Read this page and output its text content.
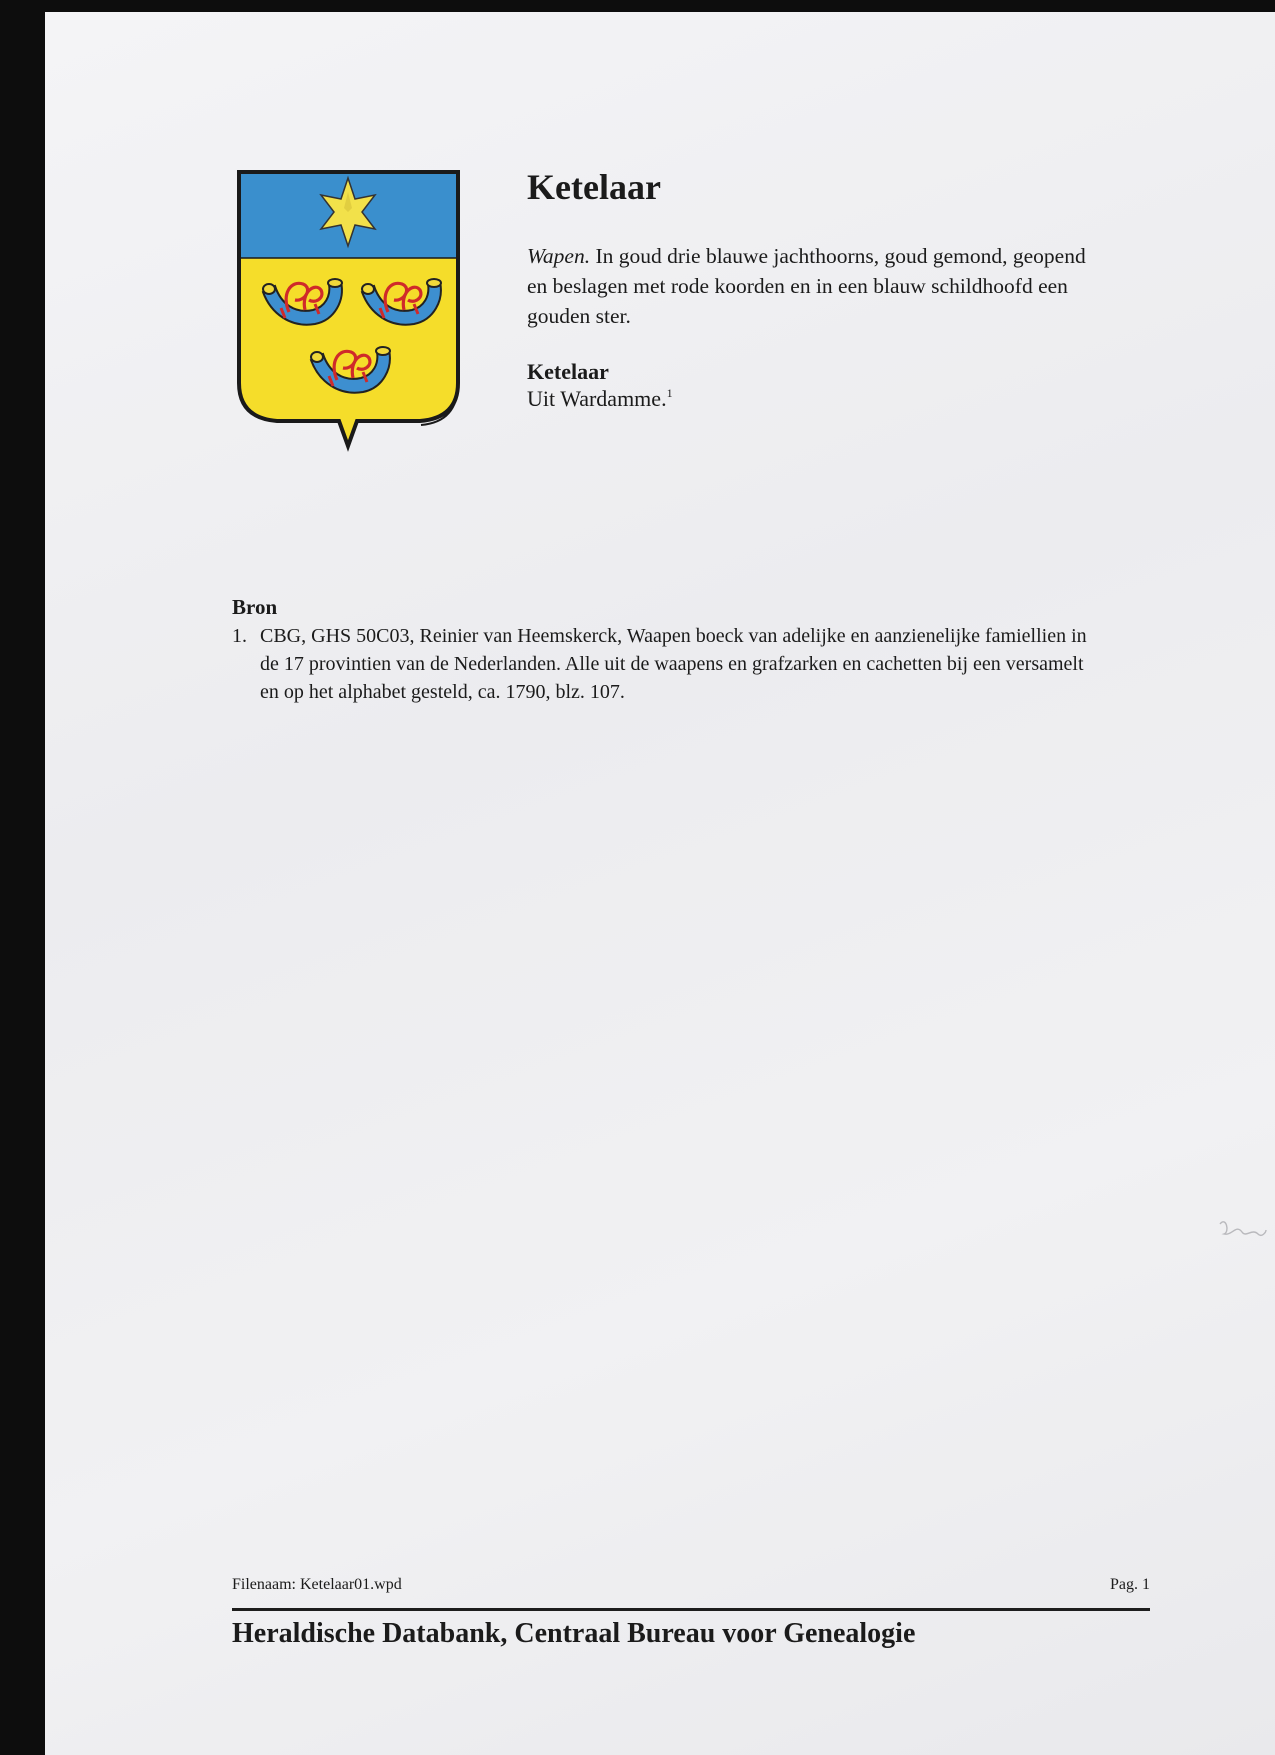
Ketelaar

Wapen. In goud drie blauwe jachthoorns, goud gemond, geopend en beslagen met rode koorden en in een blauw schildhoofd een gouden ster.

Ketelaar

Uit Wardamme.$^1$

Bron

1. CBG, GHS 50C03, Reinier van Heemskerck, Waapen boeck van adelijke en aanzienelijke famiellien in de 17 provintien van de Nederlanden. Alle uit de waapens en grafzarken en cachetten bij een versamelt en op het alphabet gesteld, ca. 1790, blz. 107.

Filenaam: Ketelaar01.wpd	Pag. 1

Heraldische Databank, Centraal Bureau voor Genealogie
